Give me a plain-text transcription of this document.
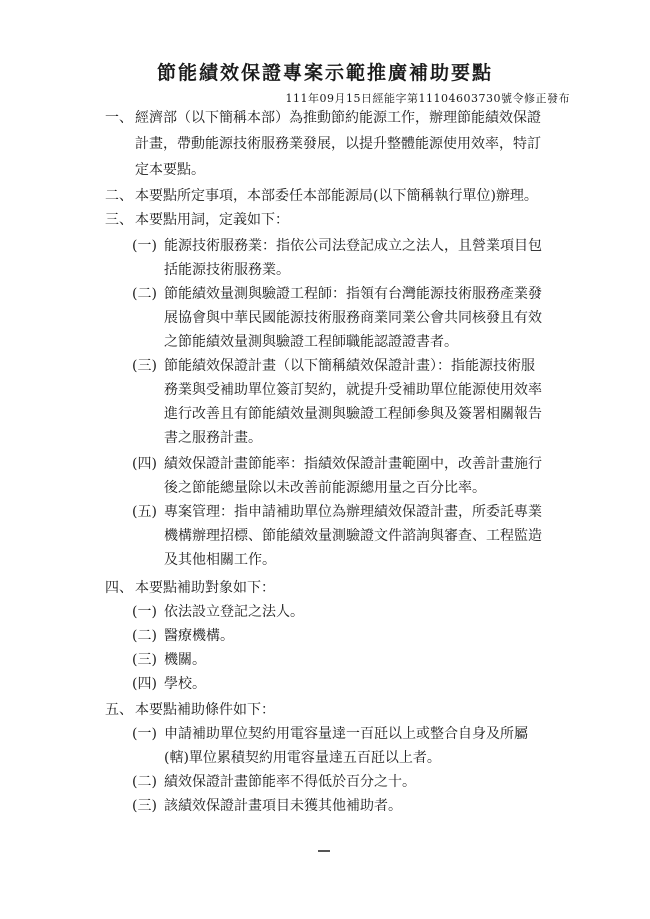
節能績效保證專案示範推廣補助要點
111年09月15日經能字第11104603730號令修正發布
一、 經濟部（以下簡稱本部）為推動節約能源工作，辦理節能績效保證
計畫，帶動能源技術服務業發展，以提升整體能源使用效率，特訂
定本要點。
二、 本要點所定事項，本部委任本部能源局(以下簡稱執行單位)辦理。
三、 本要點用詞，定義如下：
(一) 能源技術服務業：指依公司法登記成立之法人，且營業項目包
括能源技術服務業。
(二) 節能績效量測與驗證工程師：指領有台灣能源技術服務產業發
展協會與中華民國能源技術服務商業同業公會共同核發且有效
之節能績效量測與驗證工程師職能認證證書者。
(三) 節能績效保證計畫（以下簡稱績效保證計畫）：指能源技術服
務業與受補助單位簽訂契約，就提升受補助單位能源使用效率
進行改善且有節能績效量測與驗證工程師參與及簽署相關報告
書之服務計畫。
(四) 績效保證計畫節能率：指績效保證計畫範圍中，改善計畫施行
後之節能總量除以未改善前能源總用量之百分比率。
(五) 專案管理：指申請補助單位為辦理績效保證計畫，所委託專業
機構辦理招標、節能績效量測驗證文件諮詢與審查、工程監造
及其他相關工作。
四、 本要點補助對象如下：
(一) 依法設立登記之法人。
(二) 醫療機構。
(三) 機關。
(四) 學校。
五、 本要點補助條件如下：
(一) 申請補助單位契約用電容量達一百瓩以上或整合自身及所屬
(轄)單位累積契約用電容量達五百瓩以上者。
(二) 績效保證計畫節能率不得低於百分之十。
(三) 該績效保證計畫項目未獲其他補助者。
